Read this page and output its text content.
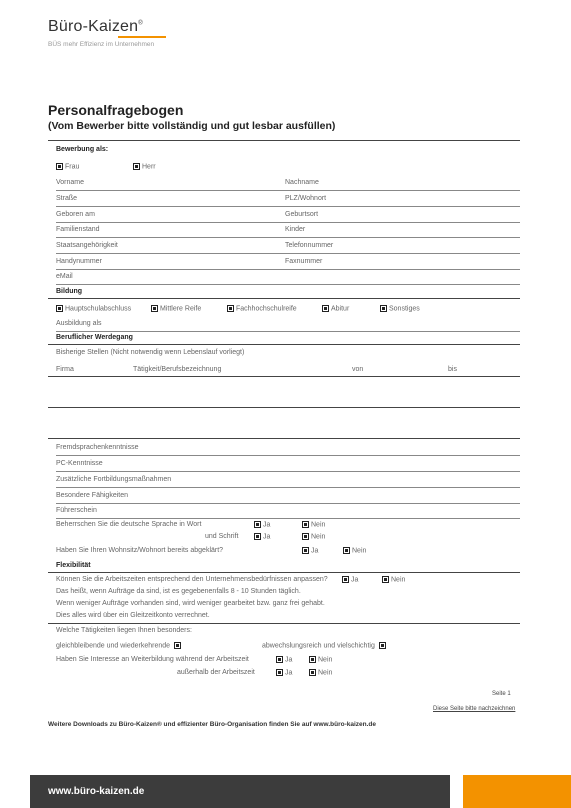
Büro-Kaizen®
BÜS mehr Effizienz im Unternehmen
Personalfragebogen
(Vom Bewerber bitte vollständig und gut lesbar ausfüllen)
Bewerbung als:
Frau	Herr
Vorname	Nachname
Straße	PLZ/Wohnort
Geboren am	Geburtsort
Familienstand	Kinder
Staatsangehörigkeit	Telefonnummer
Handynummer	Faxnummer
eMail
Bildung
Hauptschulabschluss	Mittlere Reife	Fachhochschulreife	Abitur	Sonstiges
Ausbildung als
Beruflicher Werdegang
Bisherige Stellen (Nicht notwendig wenn Lebenslauf vorliegt)
Firma	Tätigkeit/Berufsbezeichnung	von	bis
Fremdsprachenkenntnisse
PC-Kenntnisse
Zusätzliche Fortbildungsmaßnahmen
Besondere Fähigkeiten
Führerschein
Beherrschen Sie die deutsche Sprache in Wort	Ja	Nein
und Schrift	Ja	Nein
Haben Sie Ihren Wohnsitz/Wohnort bereits abgeklärt?	Ja	Nein
Flexibilität
Können Sie die Arbeitszeiten entsprechend den Unternehmensbedürfnissen anpassen?	Ja	Nein
Das heißt, wenn Aufträge da sind, ist es gegebenenfalls 8 - 10 Stunden täglich.
Wenn weniger Aufträge vorhanden sind, wird weniger gearbeitet bzw. ganz frei gehabt.
Dies alles wird über ein Gleitzeitkonto verrechnet.
Welche Tätigkeiten liegen Ihnen besonders:
gleichbleibende und wiederkehrende	abwechslungsreich und vielschichtig
Haben Sie Interesse an Weiterbildung während der Arbeitszeit	Ja	Nein
außerhalb der Arbeitszeit	Ja	Nein
Seite 1
Diese Seite bitte nachzeichnen
Weitere Downloads zu Büro-Kaizen® und effizienter Büro-Organisation finden Sie auf www.büro-kaizen.de
www.büro-kaizen.de
